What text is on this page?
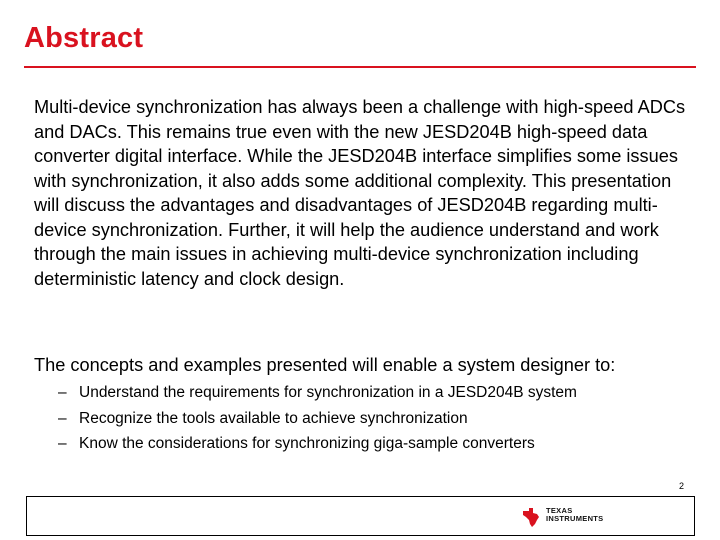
Abstract

Multi-device synchronization has always been a challenge with high-speed ADCs and DACs. This remains true even with the new JESD204B high-speed data converter digital interface. While the JESD204B interface simplifies some issues with synchronization, it also adds some additional complexity. This presentation will discuss the advantages and disadvantages of JESD204B regarding multi-device synchronization. Further, it will help the audience understand and work through the main issues in achieving multi-device synchronization including deterministic latency and clock design.

The concepts and examples presented will enable a system designer to:

– Understand the requirements for synchronization in a JESD204B system
– Recognize the tools available to achieve synchronization
– Know the considerations for synchronizing giga-sample converters
2
TEXAS
INSTRUMENTS
